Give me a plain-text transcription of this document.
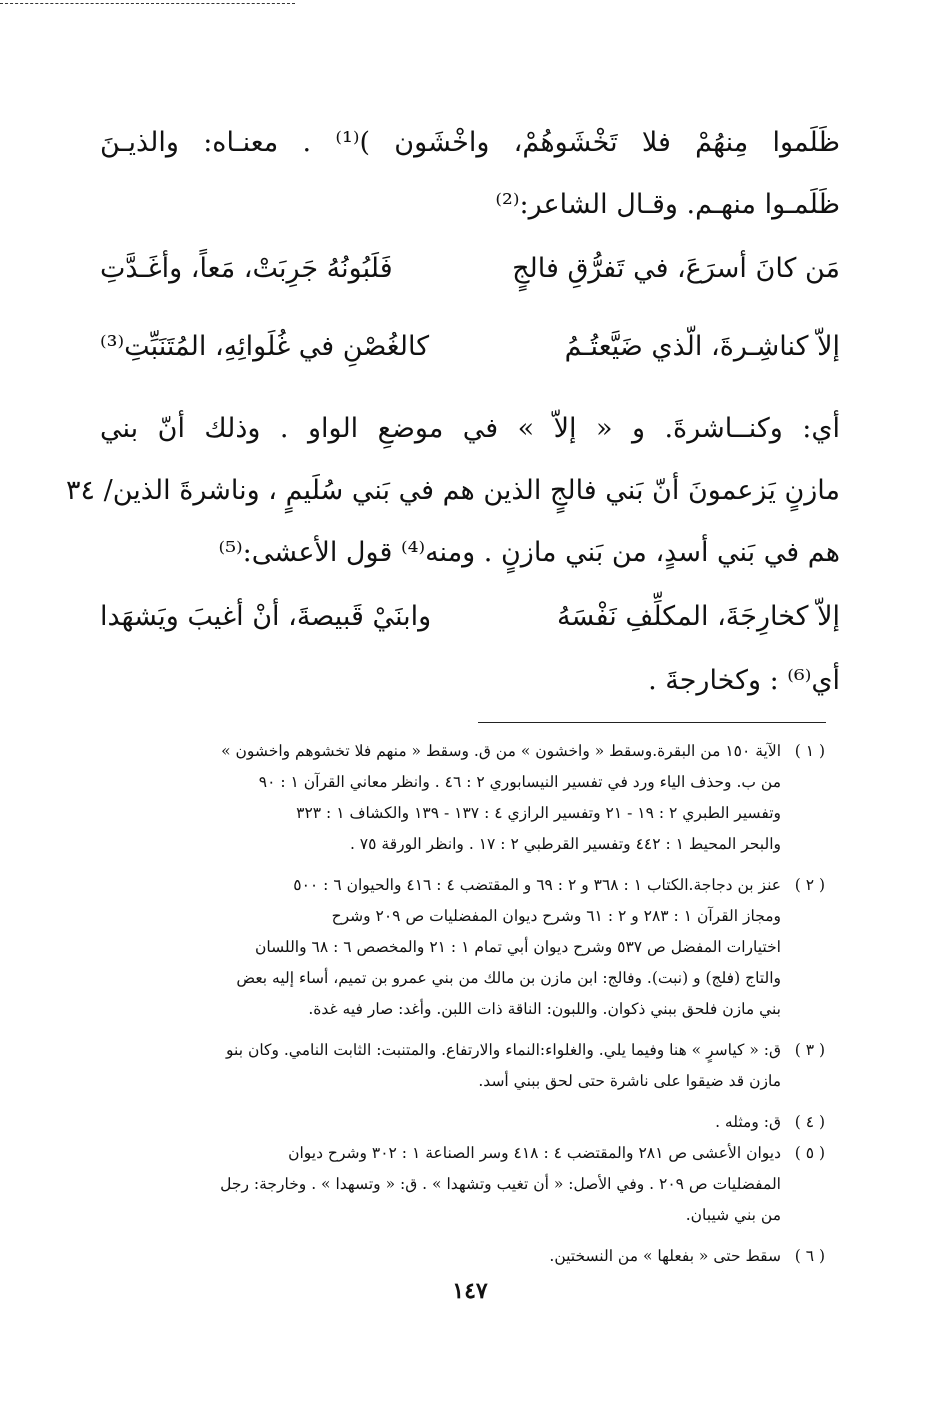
ظَلَموا مِنهُمْ فلا تَخْشَوهُمْ، واخْشَون )⁽¹⁾ . معنـاه: والذيـنَ
ظَلَمـوا منهـم. وقـال الشاعر:⁽²⁾
مَن كانَ أسرَعَ، في تَفرُّقِ فالجٍ
فَلَبُونُهُ جَرِبَتْ، مَعاً، وأغَـدَّتِ
إلاّ كناشِـرةَ، الّذي ضَيَّعتُـمُ
كالغُصْنِ في غُلَوائِهِ، المُتَنَبِّتِ⁽³⁾
أي: وكنــاشرةَ. و « إلاّ » في موضعِ الواو . وذلك أنّ بني
مازنٍ يَزعمونَ أنّ بَني فالجٍ الذين هم في بَني سُلَيمٍ ، وناشرةَ الذين/ ٣٤
هم في بَني أسدٍ، من بَني مازنٍ . ومنه⁽⁴⁾ قول الأعشى:⁽⁵⁾
إلاّ كخارِجَةَ، المكلِّفِ نَفْسَهُ
وابنَيْ قَبيصةَ، أنْ أغيبَ ويَشهَدا
أي⁽⁶⁾ : وكخارجةَ .
( ١ )
الآية ١٥٠ من البقرة.وسقط « واخشون » من ق. وسقط « منهم فلا تخشوهم واخشون »
من ب. وحذف الياء ورد في تفسير النيسابوري ٢ : ٤٦ . وانظر معاني القرآن ١ : ٩٠
وتفسير الطبري ٢ : ١٩ - ٢١ وتفسير الرازي ٤ : ١٣٧ - ١٣٩ والكشاف ١ : ٣٢٣
والبحر المحيط ١ : ٤٤٢ وتفسير القرطبي ٢ : ١٧ . وانظر الورقة ٧٥ .
( ٢ )
عنز بن دجاجة.الكتاب ١ : ٣٦٨ و ٢ : ٦٩ و المقتضب ٤ : ٤١٦ والحيوان ٦ : ٥٠٠
ومجاز القرآن ١ : ٢٨٣ و ٢ : ٦١ وشرح ديوان المفضليات ص ٢٠٩ وشرح
اختيارات المفضل ص ٥٣٧ وشرح ديوان أبي تمام ١ : ٢١ والمخصص ٦ : ٦٨ واللسان
والتاج (فلج) و (نبت). وفالج: ابن مازن بن مالك من بني عمرو بن تميم، أساء إليه بعض
بني مازن فلحق ببني ذكوان. واللبون: الناقة ذات اللبن. وأغد: صار فيه غدة.
( ٣ )
ق: « كياسرٍ » هنا وفيما يلي. والغلواء:النماء والارتفاع. والمتنبت: الثابت النامي. وكان بنو
مازن قد ضيقوا على ناشرة حتى لحق ببني أسد.
( ٤ )
ق: ومثله .
( ٥ )
ديوان الأعشى ص ٢٨١ والمقتضب ٤ : ٤١٨ وسر الصناعة ١ : ٣٠٢ وشرح ديوان
المفضليات ص ٢٠٩ . وفي الأصل: « أن تغيب وتشهدا » . ق: « وتسهدا » . وخارجة: رجل
من بني شيبان.
( ٦ )
سقط حتى « بفعلها » من النسختين.
١٤٧
